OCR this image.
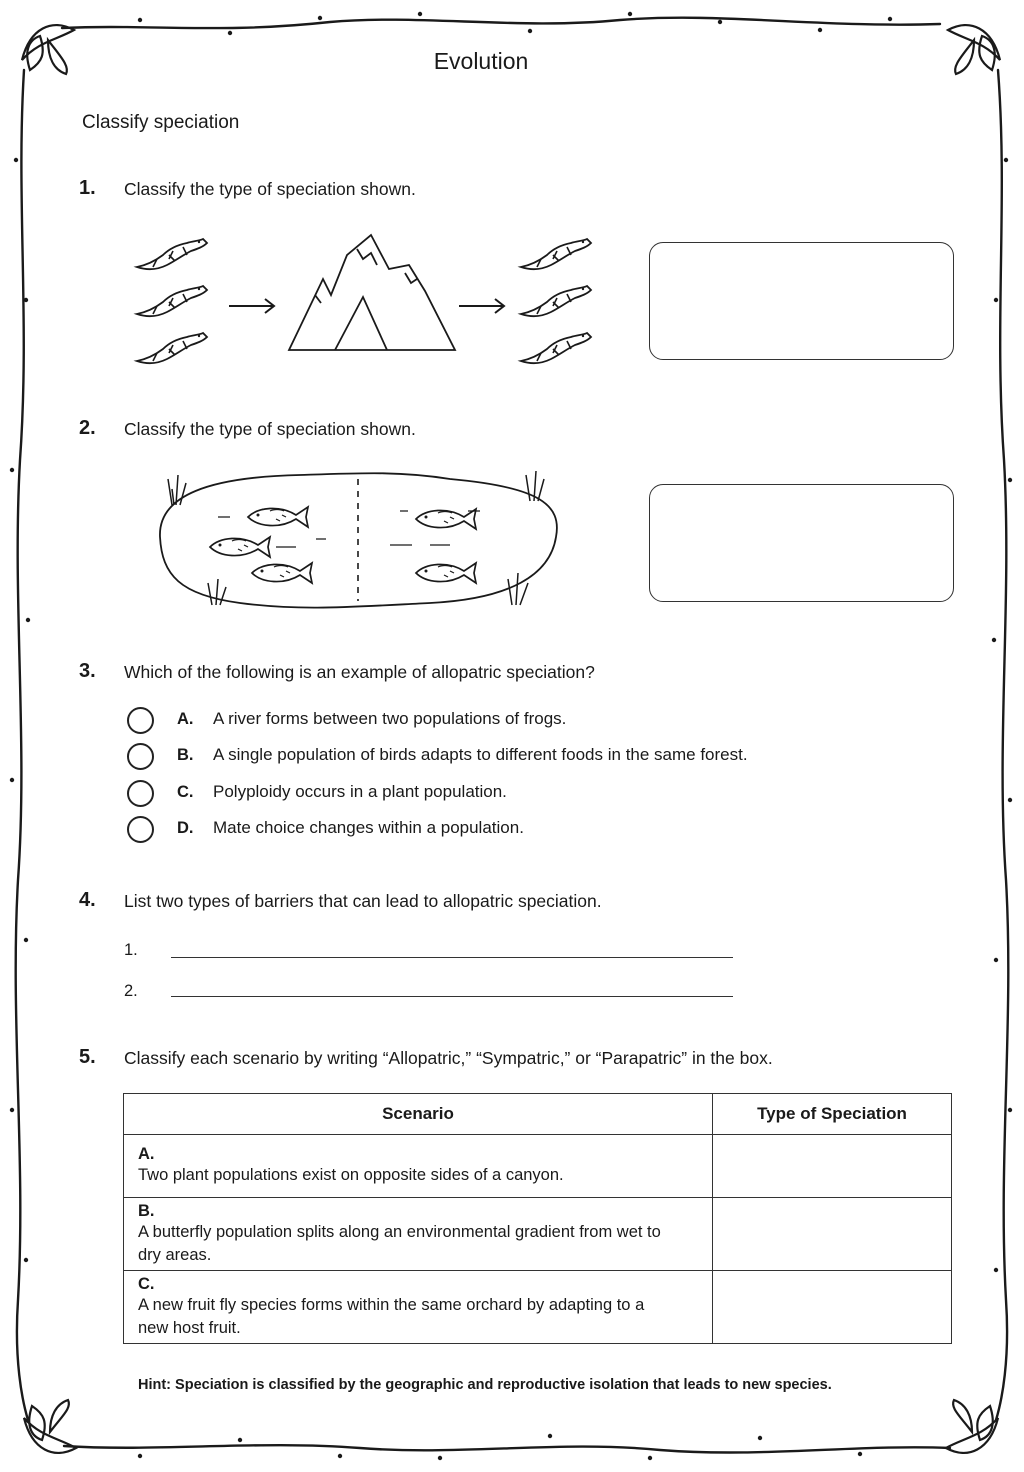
Evolution
Classify speciation
1. Classify the type of speciation shown.
2. Classify the type of speciation shown.
3. Which of the following is an example of allopatric speciation?
A. A river forms between two populations of frogs.
B. A single population of birds adapts to different foods in the same forest.
C. Polyploidy occurs in a plant population.
D. Mate choice changes within a population.
4. List two types of barriers that can lead to allopatric speciation.
1.
2.
5. Classify each scenario by writing “Allopatric,” “Sympatric,” or “Parapatric” in the box.
Scenario	Type of Speciation
A.Two plant populations exist on opposite sides of a canyon.	
B.A butterfly population splits along an environmental gradient from wet to dry areas.	
C.A new fruit fly species forms within the same orchard by adapting to a new host fruit.	
Hint: Speciation is classified by the geographic and reproductive isolation that leads to new species.
